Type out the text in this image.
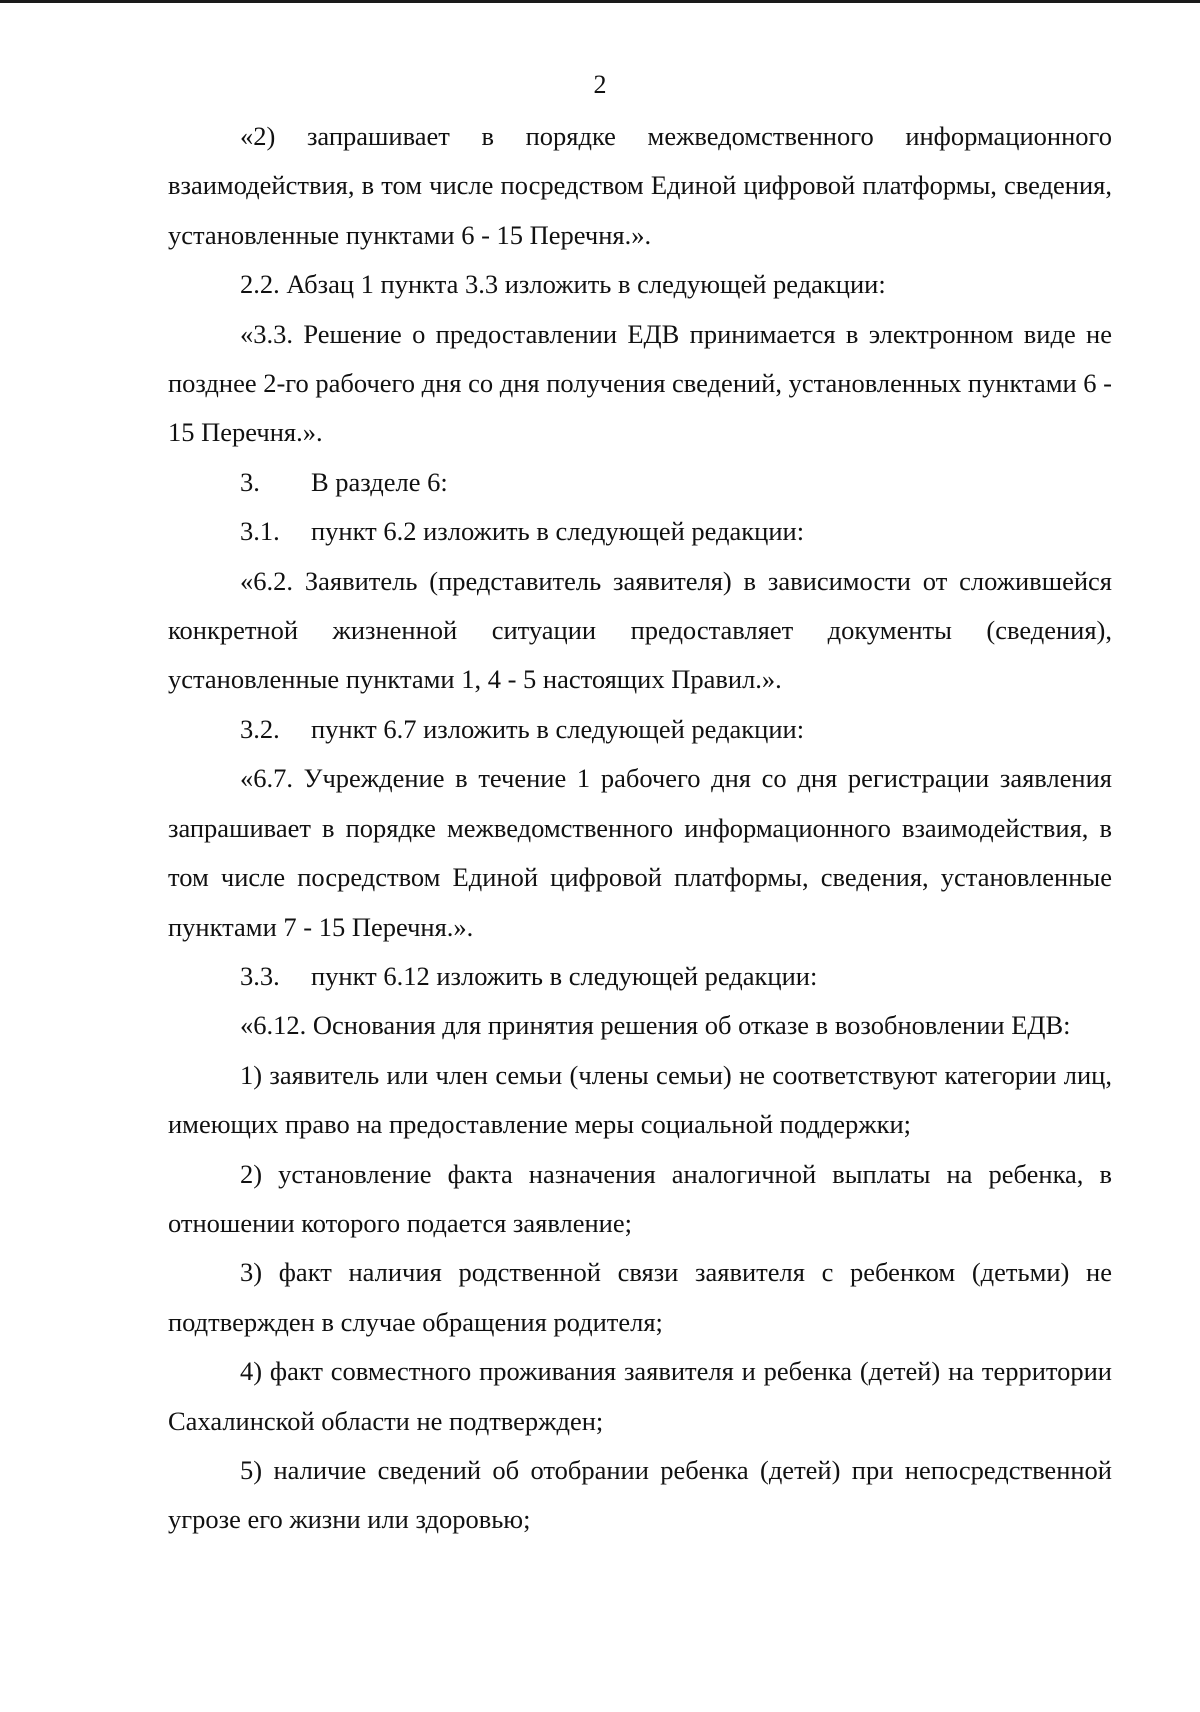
2

«2) запрашивает в порядке межведомственного информационного взаимодействия, в том числе посредством Единой цифровой платформы, сведения, установленные пунктами 6 - 15 Перечня.».

2.2. Абзац 1 пункта 3.3 изложить в следующей редакции:

«3.3. Решение о предоставлении ЕДВ принимается в электронном виде не позднее 2-го рабочего дня со дня получения сведений, установленных пунктами 6 - 15 Перечня.».

3. В разделе 6:

3.1. пункт 6.2 изложить в следующей редакции:

«6.2. Заявитель (представитель заявителя) в зависимости от сложившейся конкретной жизненной ситуации предоставляет документы (сведения), установленные пунктами 1, 4 - 5 настоящих Правил.».

3.2. пункт 6.7 изложить в следующей редакции:

«6.7. Учреждение в течение 1 рабочего дня со дня регистрации заявления запрашивает в порядке межведомственного информационного взаимодействия, в том числе посредством Единой цифровой платформы, сведения, установленные пунктами 7 - 15 Перечня.».

3.3. пункт 6.12 изложить в следующей редакции:

«6.12. Основания для принятия решения об отказе в возобновлении ЕДВ:

1) заявитель или член семьи (члены семьи) не соответствуют категории лиц, имеющих право на предоставление меры социальной поддержки;

2) установление факта назначения аналогичной выплаты на ребенка, в отношении которого подается заявление;

3) факт наличия родственной связи заявителя с ребенком (детьми) не подтвержден в случае обращения родителя;

4) факт совместного проживания заявителя и ребенка (детей) на территории Сахалинской области не подтвержден;

5) наличие сведений об отобрании ребенка (детей) при непосредственной угрозе его жизни или здоровью;
